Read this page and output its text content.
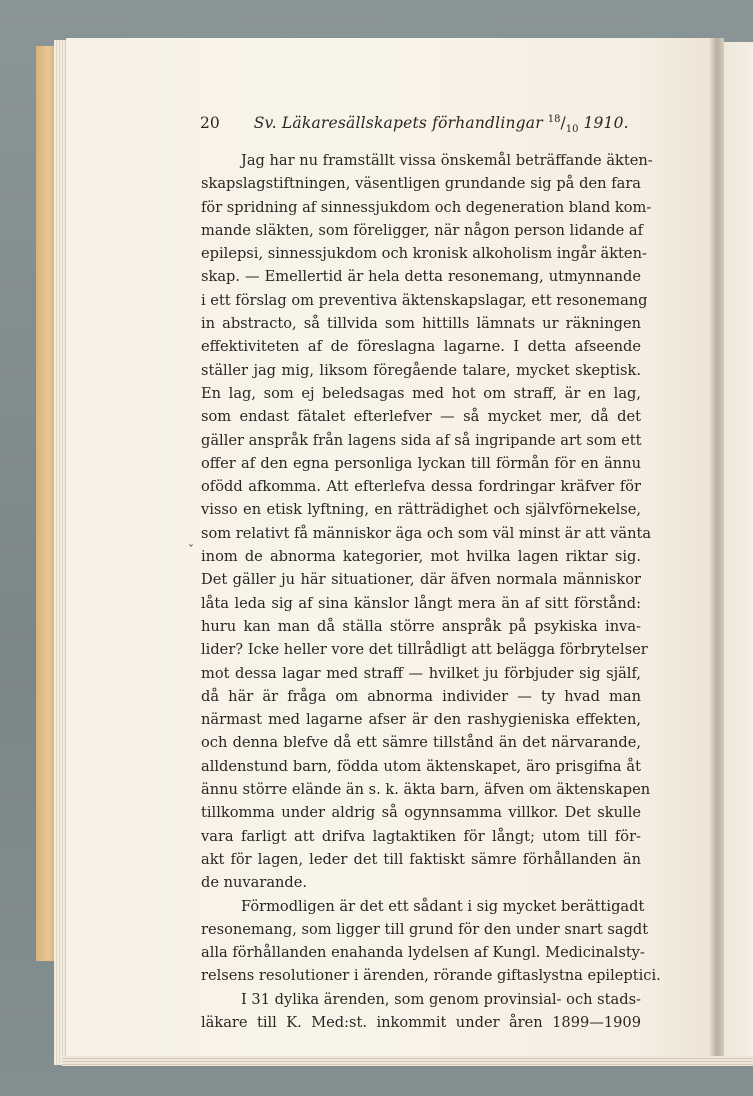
20 Sv. Läkaresällskapets förhandlingar $^{18}/_{10}$ 1910.
ˇ
Jag har nu framställt vissa önskemål beträffande äkten-
skapslagstiftningen, väsentligen grundande sig på den fara
för spridning af sinnessjukdom och degeneration bland kom-
mande släkten, som föreligger, när någon person lidande af
epilepsi, sinnessjukdom och kronisk alkoholism ingår äkten-
skap. — Emellertid är hela detta resonemang, utmynnande
i ett förslag om preventiva äktenskapslagar, ett resonemang
in abstracto, så tillvida som hittills lämnats ur räkningen
effektiviteten af de föreslagna lagarne. I detta afseende
ställer jag mig, liksom föregående talare, mycket skeptisk.
En lag, som ej beledsagas med hot om straff, är en lag,
som endast fätalet efterlefver — så mycket mer, då det
gäller anspråk från lagens sida af så ingripande art som ett
offer af den egna personliga lyckan till förmån för en ännu
ofödd afkomma. Att efterlefva dessa fordringar kräfver för
visso en etisk lyftning, en rätträdighet och självförnekelse,
som relativt få människor äga och som väl minst är att vänta
inom de abnorma kategorier, mot hvilka lagen riktar sig.
Det gäller ju här situationer, där äfven normala människor
låta leda sig af sina känslor långt mera än af sitt förstånd:
huru kan man då ställa större anspråk på psykiska inva-
lider? Icke heller vore det tillrådligt att belägga förbrytelser
mot dessa lagar med straff — hvilket ju förbjuder sig själf,
då här är fråga om abnorma individer — ty hvad man
närmast med lagarne afser är den rashygieniska effekten,
och denna blefve då ett sämre tillstånd än det närvarande,
alldenstund barn, födda utom äktenskapet, äro prisgifna åt
ännu större elände än s. k. äkta barn, äfven om äktenskapen
tillkomma under aldrig så ogynnsamma villkor. Det skulle
vara farligt att drifva lagtaktiken för långt; utom till för-
akt för lagen, leder det till faktiskt sämre förhållanden än
de nuvarande.
Förmodligen är det ett sådant i sig mycket berättigadt
resonemang, som ligger till grund för den under snart sagdt
alla förhållanden enahanda lydelsen af Kungl. Medicinalsty-
relsens resolutioner i ärenden, rörande giftaslystna epileptici.
I 31 dylika ärenden, som genom provinsial- och stads-
läkare till K. Med:st. inkommit under åren 1899—1909
